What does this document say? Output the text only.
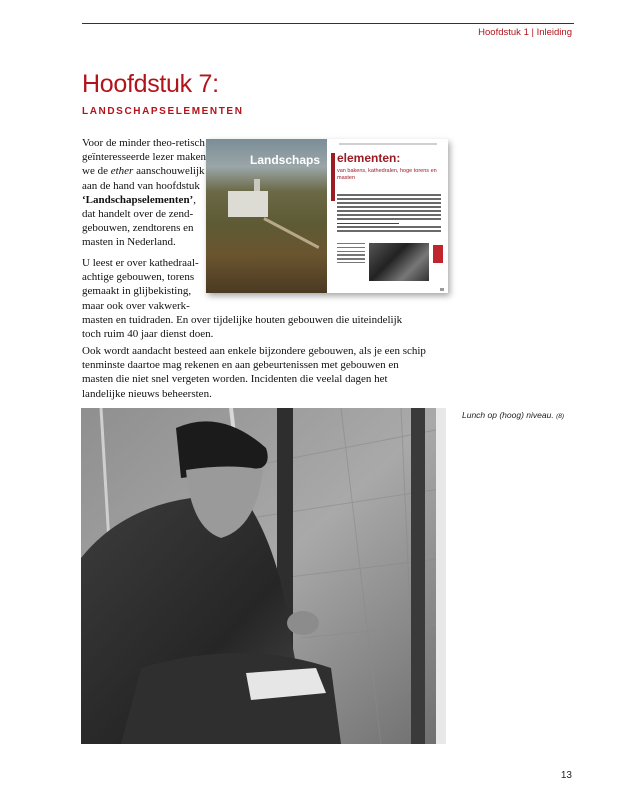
Hoofdstuk 1 | Inleiding
Hoofdstuk 7:
LANDSCHAPSELEMENTEN
Voor de minder theo-retisch geïnteresseerde lezer maken we de ether aanschouwelijk aan de hand van hoofdstuk ‘Landschapselementen’, dat handelt over de zend-gebouwen, zendtorens en masten in Nederland.
Landschaps elementen:
van bakens, kathedralen, hoge torens en masten
U leest er over kathedraal-achtige gebouwen, torens gemaakt in glijbekisting, maar ook over vakwerk-
masten en tuidraden. En over tijdelijke houten gebouwen die uiteindelijk toch ruim 40 jaar dienst doen.
Ook wordt aandacht besteed aan enkele bijzondere gebouwen, als je een schip tenminste daartoe mag rekenen en aan gebeurtenissen met gebouwen en masten die niet snel vergeten worden. Incidenten die veelal dagen het landelijke nieuws beheersten.
Lunch op (hoog) niveau. (8)
13
